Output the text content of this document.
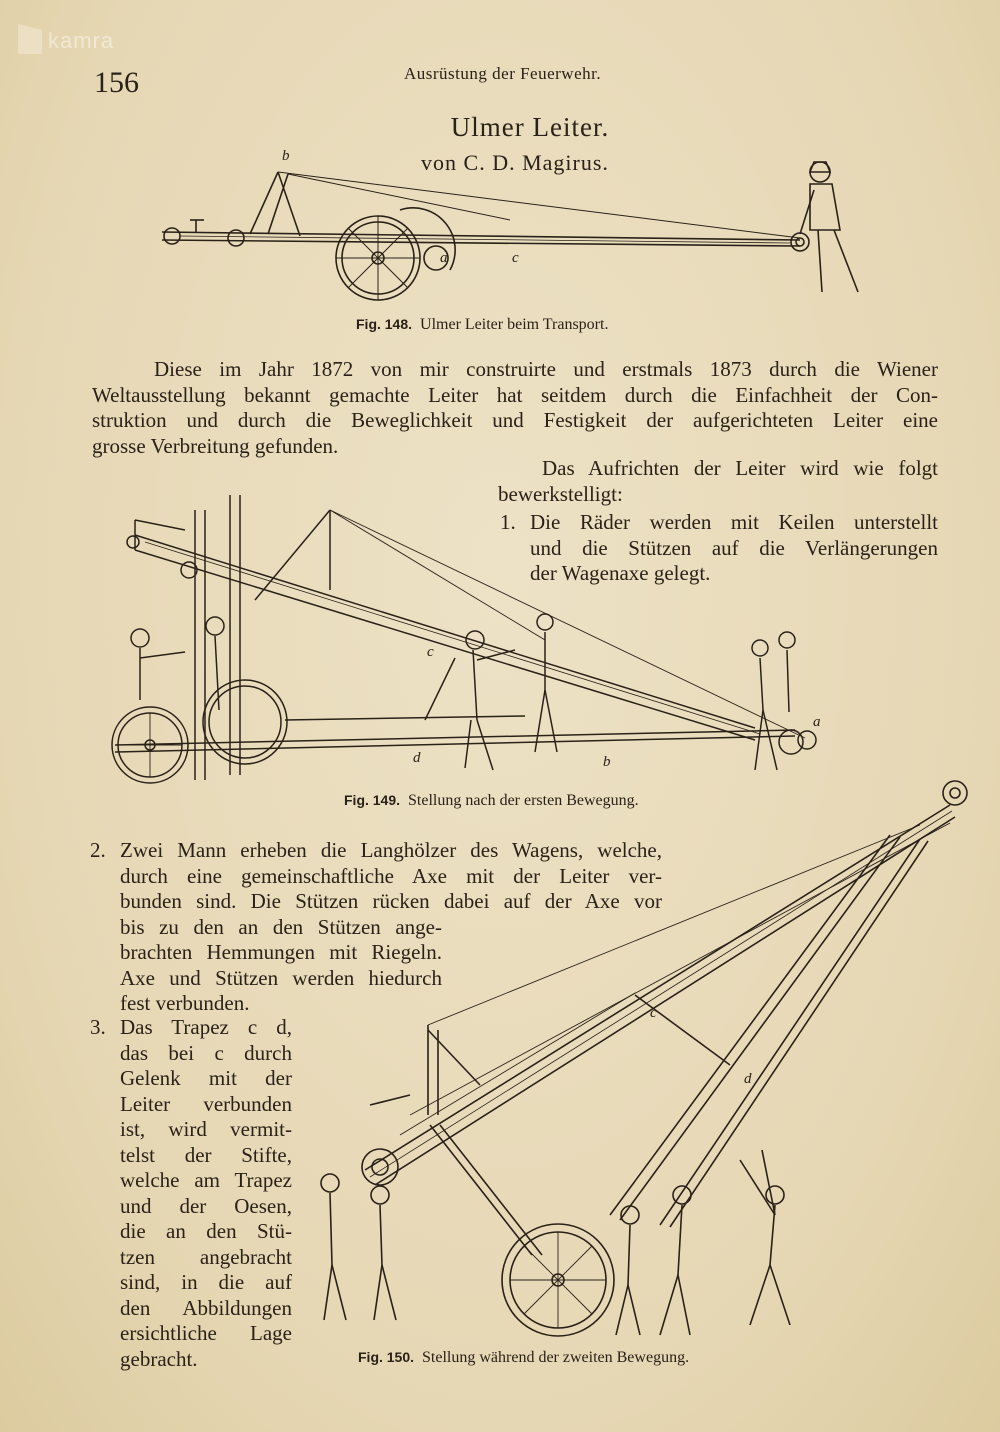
kamra
156	Ausrüstung der Feuerwehr.
Ulmer Leiter.
von C. D. Magirus.
b
a	c
Fig. 148. Ulmer Leiter beim Transport.
Diese im Jahr 1872 von mir construirte und erstmals 1873 durch die Wiener
Weltausstellung bekannt gemachte Leiter hat seitdem durch die Einfachheit der Con-
struktion und durch die Beweglichkeit und Festigkeit der aufgerichteten Leiter eine
grosse Verbreitung gefunden.
Das Aufrichten der Leiter wird wie folgt
bewerkstelligt:
1. Die Räder werden mit Keilen unterstellt
und die Stützen auf die Verlängerungen
der Wagenaxe gelegt.
c
a
d	b
Fig. 149. Stellung nach der ersten Bewegung.
2. Zwei Mann erheben die Langhölzer des Wagens, welche,
durch eine gemeinschaftliche Axe mit der Leiter ver-
bunden sind. Die Stützen rücken dabei auf der Axe vor
bis zu den an den Stützen ange-
brachten Hemmungen mit Riegeln.
Axe und Stützen werden hiedurch
fest verbunden.
3. Das Trapez c d,
das bei c durch
Gelenk mit der
Leiter verbunden
ist, wird vermit-
telst der Stifte,
welche am Trapez
und der Oesen,
die an den Stü-
tzen angebracht
sind, in die auf
den Abbildungen
ersichtliche Lage
gebracht.
c
d
Fig. 150. Stellung während der zweiten Bewegung.
